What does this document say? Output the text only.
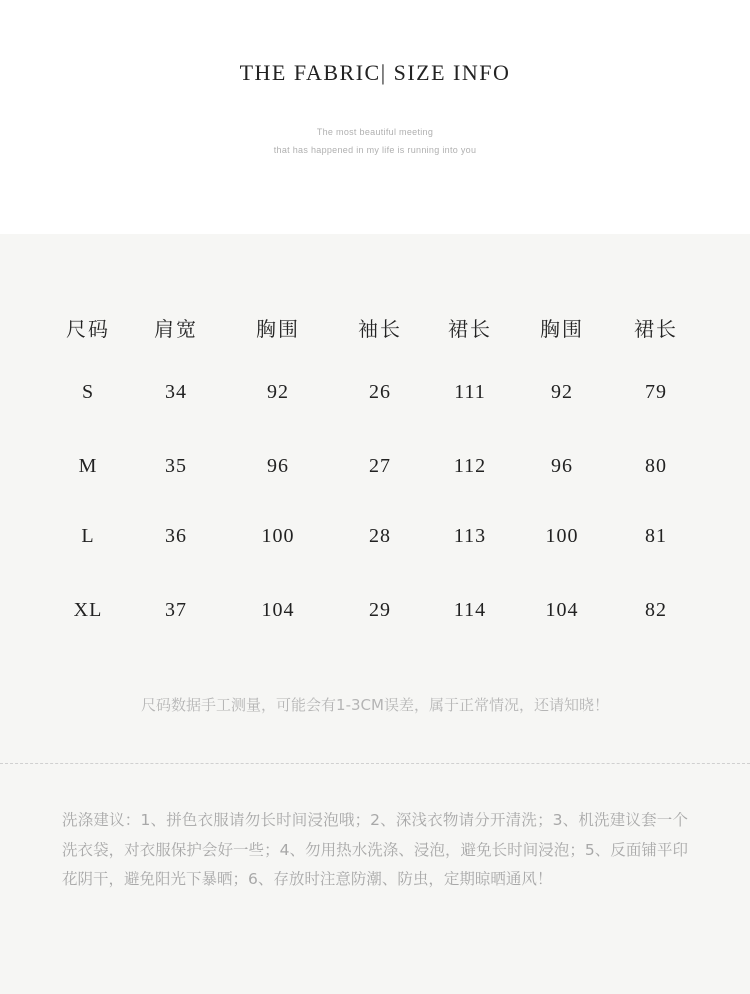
THE FABRIC| SIZE INFO
The most beautiful meeting
that has happened in my life is running into you
尺码	肩宽	胸围	袖长	裙长	胸围	裙长
S	34	92	26	111	92	79
M	35	96	27	112	96	80
L	36	100	28	113	100	81
XL	37	104	29	114	104	82
尺码数据手工测量，可能会有1-3CM误差，属于正常情况，还请知晓！
洗涤建议：1、拼色衣服请勿长时间浸泡哦；2、深浅衣物请分开清洗；3、机洗建议套一个洗衣袋，对衣服保护会好一些；4、勿用热水洗涤、浸泡，避免长时间浸泡；5、反面铺平印花阴干，避免阳光下暴晒；6、存放时注意防潮、防虫，定期晾晒通风！
